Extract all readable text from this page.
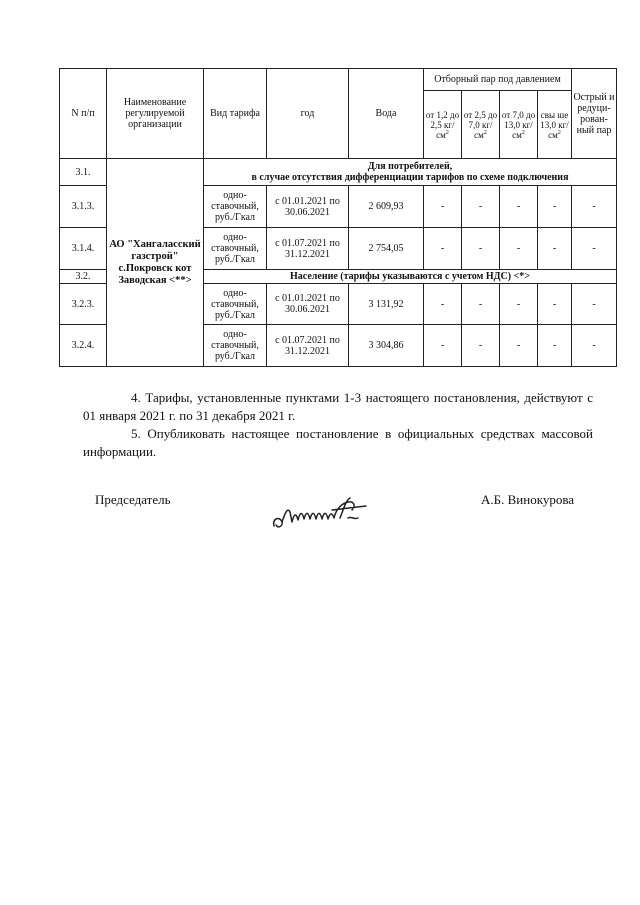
N п/п	Наименование регулируемой организации	Вид тарифа	год	Вода	Отборный пар под давлением				Острый и редуци- рован- ный пар
					от 1,2 до 2,5 кг/ $см^2$	от 2,5 до 7,0 кг/ $см^2$	от 7,0 до 13,0 кг/ $см^2$	свы ше 13,0 кг/ $см^2$
3.1.	АО "Хангаласский газстрой" с.Покровск кот Заводская <**>	Для потребителей,
в случае отсутствия дифференциации тарифов по схеме подключения							

3.1.3.		одно- ставочный, руб./Гкал	с 01.01.2021 по 30.06.2021	2 609,93	-	-	-	-	-
3.1.4.		одно- ставочный, руб./Гкал	с 01.07.2021 по 31.12.2021	2 754,05	-	-	-	-	-
3.2.		Население (тарифы указываются с учетом НДС) <*>							
3.2.3.		одно- ставочный, руб./Гкал	с 01.01.2021 по 30.06.2021	3 131,92	-	-	-	-	-
3.2.4.		одно- ставочный, руб./Гкал	с 01.07.2021 по 31.12.2021	3 304,86	-	-	-	-	-
4. Тарифы, установленные пунктами 1-3 настоящего постановления, действуют с 01 января 2021 г. по 31 декабря 2021 г.
5. Опубликовать настоящее постановление в официальных средствах массовой информации.
Председатель	А.Б. Винокурова
